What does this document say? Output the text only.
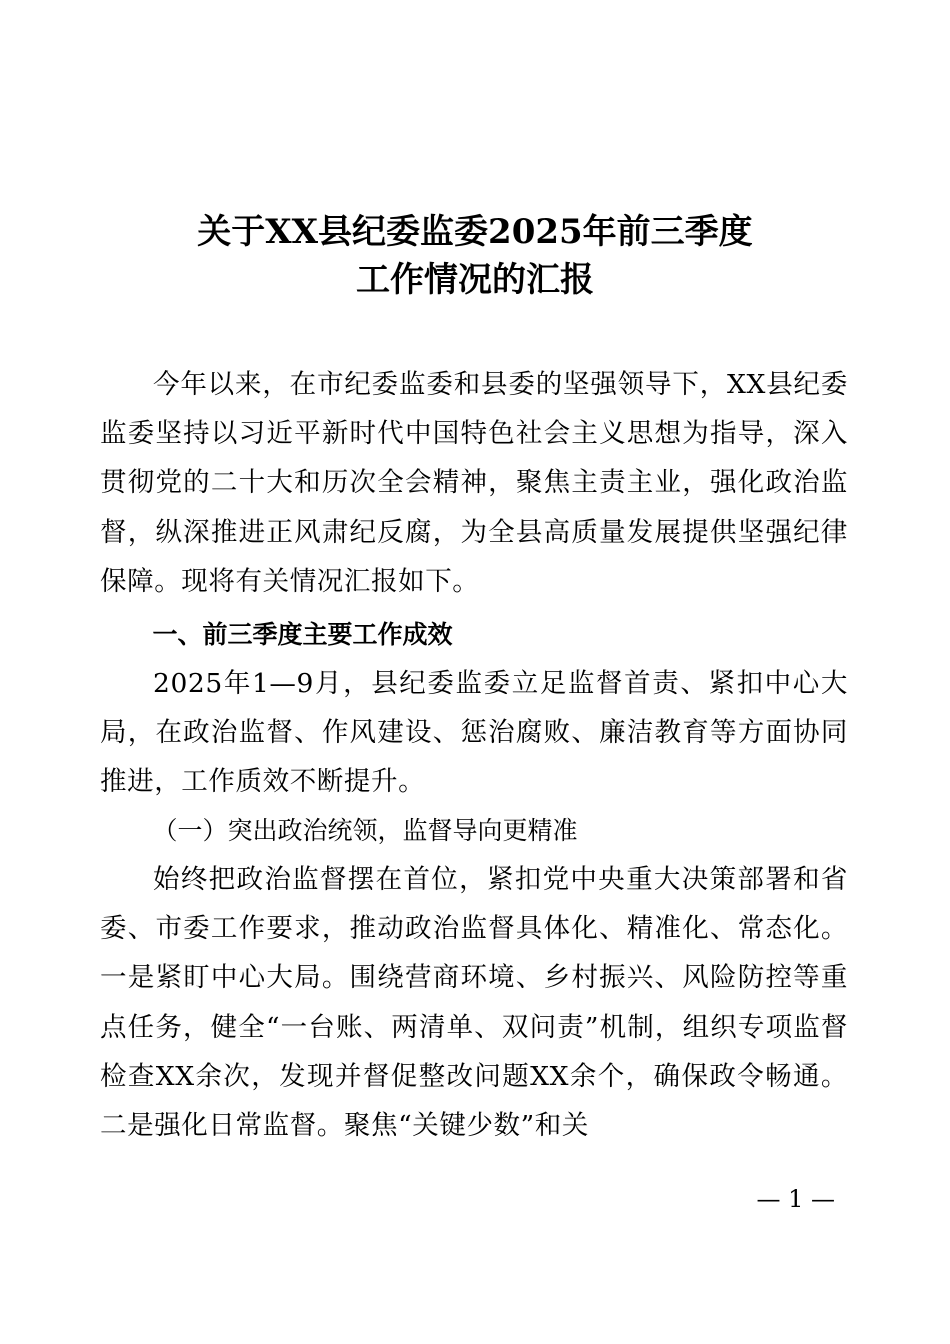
关于XX县纪委监委2025年前三季度
工作情况的汇报

今年以来，在市纪委监委和县委的坚强领导下，XX县纪委监委坚持以习近平新时代中国特色社会主义思想为指导，深入贯彻党的二十大和历次全会精神，聚焦主责主业，强化政治监督，纵深推进正风肃纪反腐，为全县高质量发展提供坚强纪律保障。现将有关情况汇报如下。

一、前三季度主要工作成效

2025年1—9月，县纪委监委立足监督首责、紧扣中心大局，在政治监督、作风建设、惩治腐败、廉洁教育等方面协同推进，工作质效不断提升。

（一）突出政治统领，监督导向更精准

始终把政治监督摆在首位，紧扣党中央重大决策部署和省委、市委工作要求，推动政治监督具体化、精准化、常态化。一是紧盯中心大局。围绕营商环境、乡村振兴、风险防控等重点任务，健全“一台账、两清单、双问责”机制，组织专项监督检查XX余次，发现并督促整改问题XX余个，确保政令畅通。二是强化日常监督。聚焦“关键少数”和关

— 1 —
